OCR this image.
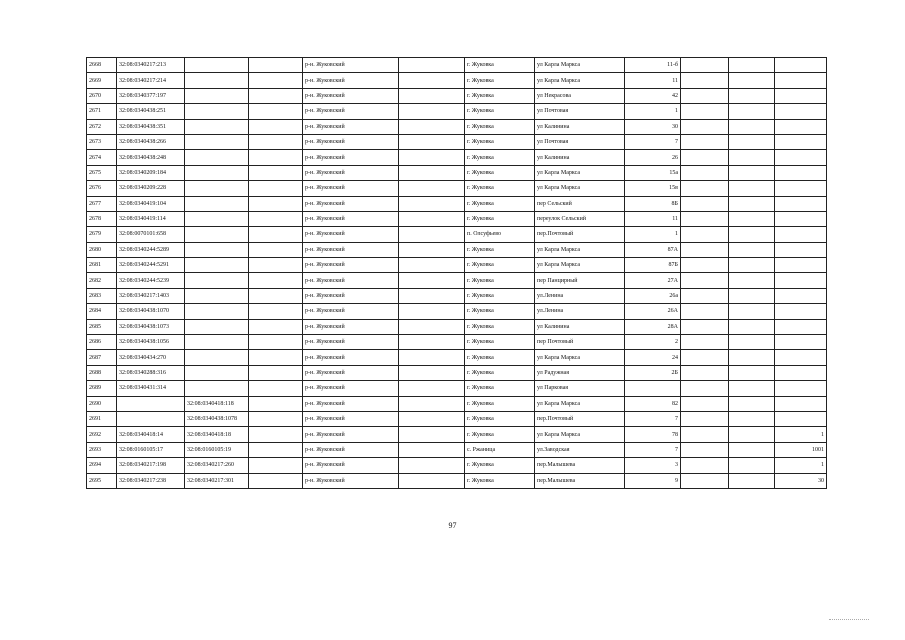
2668	32:08:0340217:213			р-н. Жуковский		г. Жуковка	ул Карла Маркса	11-б			
2669	32:08:0340217:214			р-н. Жуковский		г. Жуковка	ул Карла Маркса	11			
2670	32:08:0340377:197			р-н. Жуковский		г. Жуковка	ул Некрасова	42			
2671	32:08:0340438:251			р-н. Жуковский		г. Жуковка	ул Почтовая	1			
2672	32:08:0340438:351			р-н. Жуковский		г. Жуковка	ул Калинина	30			
2673	32:08:0340438:266			р-н. Жуковский		г. Жуковка	ул Почтовая	7			
2674	32:08:0340438:248			р-н. Жуковский		г. Жуковка	ул Калинина	26			
2675	32:08:0340209:184			р-н. Жуковский		г. Жуковка	ул Карла Маркса	15а			
2676	32:08:0340209:228			р-н. Жуковский		г. Жуковка	ул Карла Маркса	15в			
2677	32:08:0340419:104			р-н. Жуковский		г. Жуковка	пер Сельский	8Б			
2678	32:08:0340419:114			р-н. Жуковский		г. Жуковка	переулок Сельский	11			
2679	32:08:0070101:658			р-н. Жуковский		п. Олсуфьево	пер.Почтовый	1			
2680	32:08:0340244:5289			р-н. Жуковский		г. Жуковка	ул Карла Маркса	87А			
2681	32:08:0340244:5291			р-н. Жуковский		г. Жуковка	ул Карла Маркса	87Б			
2682	32:08:0340244:5239			р-н. Жуковский		г. Жуковка	пер Панцирный	27А			
2683	32:08:0340217:1403			р-н. Жуковский		г. Жуковка	ул.Ленина	26а			
2684	32:08:0340438:1070			р-н. Жуковский		г. Жуковка	ул.Ленина	26А			
2685	32:08:0340438:1073			р-н. Жуковский		г. Жуковка	ул Калинина	28А			
2686	32:08:0340438:1056			р-н. Жуковский		г. Жуковка	пер Почтовый	2			
2687	32:08:0340434:270			р-н. Жуковский		г. Жуковка	ул Карла Маркса	24			
2688	32:08:0340288:316			р-н. Жуковский		г. Жуковка	ул Радужная	2Б			
2689	32:08:0340431:314			р-н. Жуковский		г. Жуковка	ул Парковая				
2690		32:08:0340418:118		р-н. Жуковский		г. Жуковка	ул Карла Маркса	82			
2691		32:08:0340438:1078		р-н. Жуковский		г. Жуковка	пер.Почтовый	7			
2692	32:08:0340418:14	32:08:0340418:18		р-н. Жуковский		г. Жуковка	ул Карла Маркса	78			1
2693	32:08:0160105:17	32:08:0160105:19		р-н. Жуковский		с. Ржаница	ул.Заводская	7			1001
2694	32:08:0340217:198	32:08:0340217:260		р-н. Жуковский		г. Жуковка	пер.Малышева	3			1
2695	32:08:0340217:238	32:08:0340217:301		р-н. Жуковский		г. Жуковка	пер.Малышева	9			30
97
